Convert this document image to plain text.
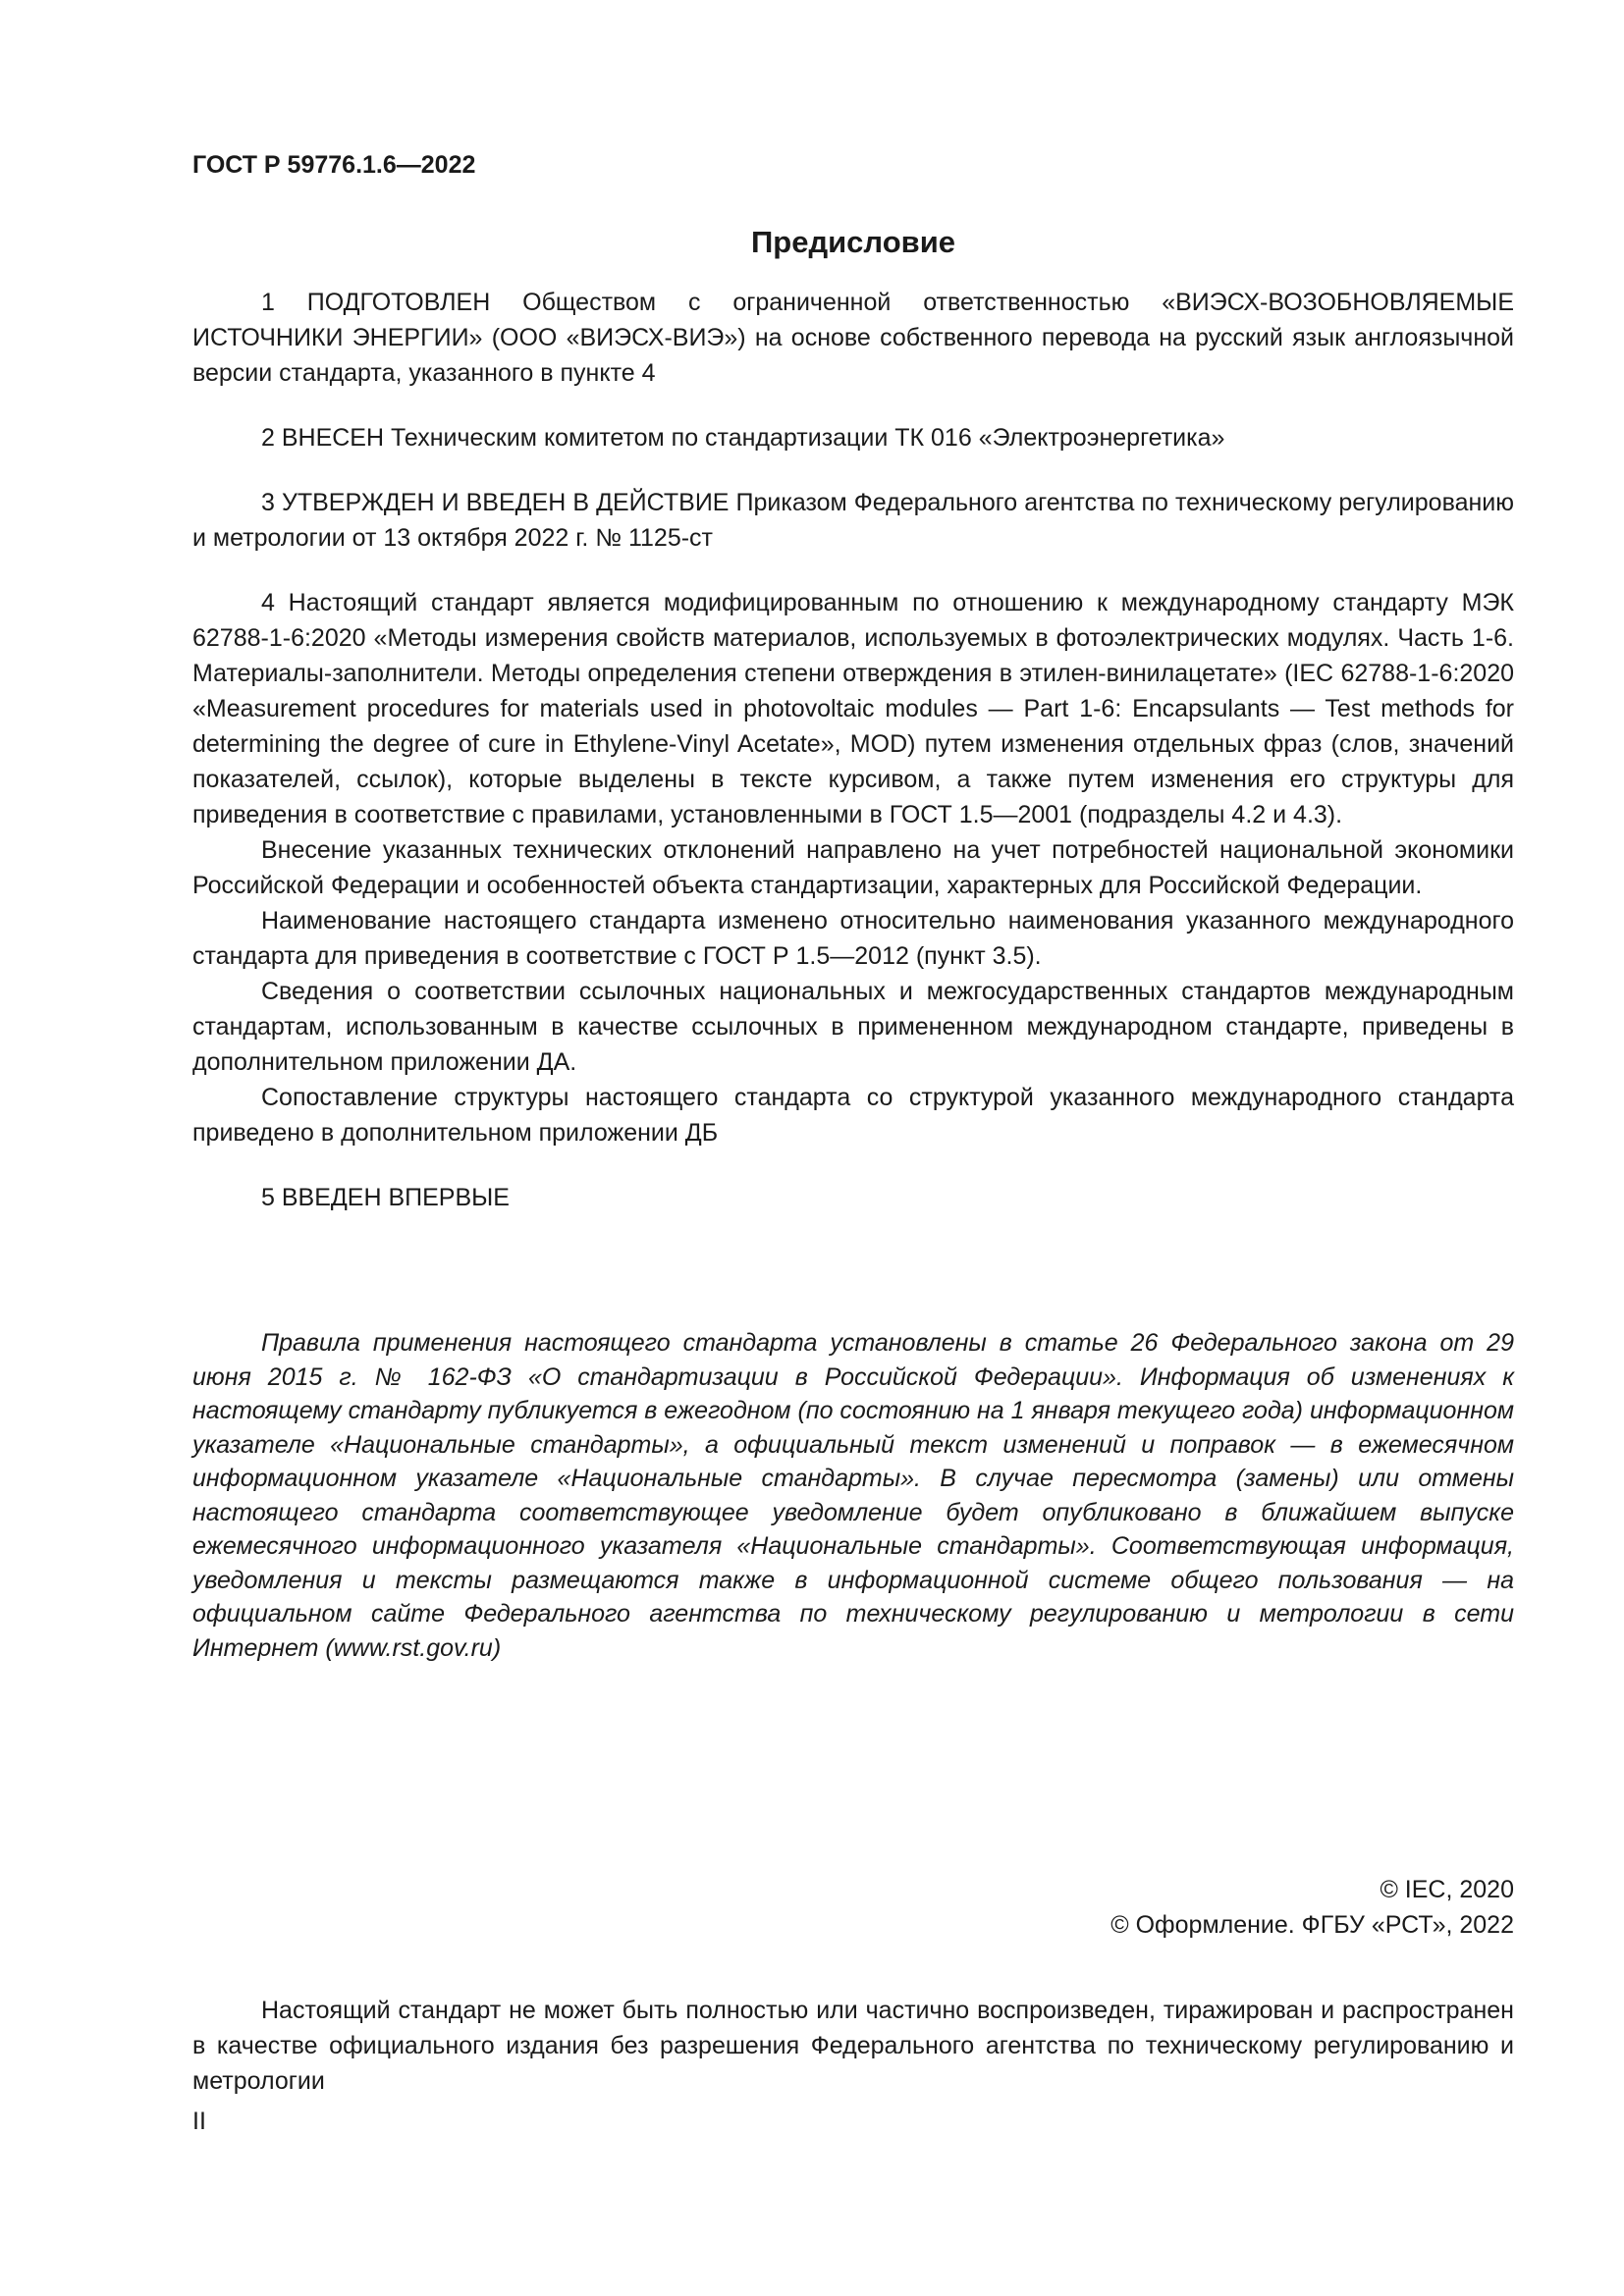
ГОСТ Р 59776.1.6—2022
Предисловие

1 ПОДГОТОВЛЕН Обществом с ограниченной ответственностью «ВИЭСХ-ВОЗОБНОВЛЯЕМЫЕ ИСТОЧНИКИ ЭНЕРГИИ» (ООО «ВИЭСХ-ВИЭ») на основе собственного перевода на русский язык англоязычной версии стандарта, указанного в пункте 4

2 ВНЕСЕН Техническим комитетом по стандартизации ТК 016 «Электроэнергетика»

3 УТВЕРЖДЕН И ВВЕДЕН В ДЕЙСТВИЕ Приказом Федерального агентства по техническому регулированию и метрологии от 13 октября 2022 г. № 1125-ст

4 Настоящий стандарт является модифицированным по отношению к международному стандарту МЭК 62788-1-6:2020 «Методы измерения свойств материалов, используемых в фотоэлектрических модулях. Часть 1-6. Материалы-заполнители. Методы определения степени отверждения в этилен-винилацетате» (IEC 62788-1-6:2020 «Measurement procedures for materials used in photovoltaic modules — Part 1-6: Encapsulants — Test methods for determining the degree of cure in Ethylene-Vinyl Acetate», MOD) путем изменения отдельных фраз (слов, значений показателей, ссылок), которые выделены в тексте курсивом, а также путем изменения его структуры для приведения в соответствие с правилами, установленными в ГОСТ 1.5—2001 (подразделы 4.2 и 4.3).

Внесение указанных технических отклонений направлено на учет потребностей национальной экономики Российской Федерации и особенностей объекта стандартизации, характерных для Российской Федерации.

Наименование настоящего стандарта изменено относительно наименования указанного международного стандарта для приведения в соответствие с ГОСТ Р 1.5—2012 (пункт 3.5).

Сведения о соответствии ссылочных национальных и межгосударственных стандартов международным стандартам, использованным в качестве ссылочных в примененном международном стандарте, приведены в дополнительном приложении ДА.

Сопоставление структуры настоящего стандарта со структурой указанного международного стандарта приведено в дополнительном приложении ДБ

5 ВВЕДЕН ВПЕРВЫЕ

Правила применения настоящего стандарта установлены в статье 26 Федерального закона от 29 июня 2015 г. № 162-ФЗ «О стандартизации в Российской Федерации». Информация об изменениях к настоящему стандарту публикуется в ежегодном (по состоянию на 1 января текущего года) информационном указателе «Национальные стандарты», а официальный текст изменений и поправок — в ежемесячном информационном указателе «Национальные стандарты». В случае пересмотра (замены) или отмены настоящего стандарта соответствующее уведомление будет опубликовано в ближайшем выпуске ежемесячного информационного указателя «Национальные стандарты». Соответствующая информация, уведомления и тексты размещаются также в информационной системе общего пользования — на официальном сайте Федерального агентства по техническому регулированию и метрологии в сети Интернет (www.rst.gov.ru)

© IEC, 2020
© Оформление. ФГБУ «РСТ», 2022

Настоящий стандарт не может быть полностью или частично воспроизведен, тиражирован и распространен в качестве официального издания без разрешения Федерального агентства по техническому регулированию и метрологии

II
